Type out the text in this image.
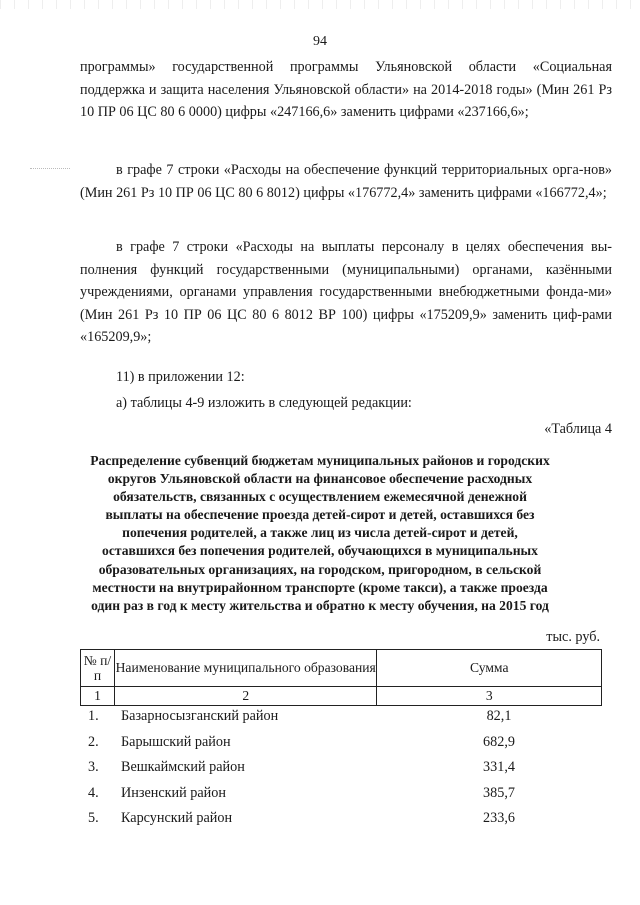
94

программы» государственной программы Ульяновской области «Социальная поддержка и защита населения Ульяновской области» на 2014-2018 годы» (Мин 261 Рз 10 ПР 06 ЦС 80 6 0000) цифры «247166,6» заменить цифрами «237166,6»;

в графе 7 строки «Расходы на обеспечение функций территориальных орга-нов» (Мин 261 Рз 10 ПР 06 ЦС 80 6 8012) цифры «176772,4» заменить цифрами «166772,4»;

в графе 7 строки «Расходы на выплаты персоналу в целях обеспечения вы-полнения функций государственными (муниципальными) органами, казёнными учреждениями, органами управления государственными внебюджетными фонда-ми» (Мин 261 Рз 10 ПР 06 ЦС 80 6 8012 ВР 100) цифры «175209,9» заменить циф-рами «165209,9»;

11) в приложении 12:

а) таблицы 4-9 изложить в следующей редакции:

«Таблица 4

Распределение субвенций бюджетам муниципальных районов и городских округов Ульяновской области на финансовое обеспечение расходных обязательств, связанных с осуществлением ежемесячной денежной выплаты на обеспечение проезда детей-сирот и детей, оставшихся без попечения родителей, а также лиц из числа детей-сирот и детей, оставшихся без попечения родителей, обучающихся в муниципальных образовательных организациях, на городском, пригородном, в сельской местности на внутрирайонном транспорте (кроме такси), а также проезда один раз в год к месту жительства и обратно к месту обучения, на 2015 год

тыс. руб.
№ п/п	Наименование муниципального образования	Сумма
1	2	3
1. Базарносызганский район	82,1
2. Барышский район	682,9
3. Вешкаймский район	331,4
4. Инзенский район	385,7
5. Карсунский район	233,6
